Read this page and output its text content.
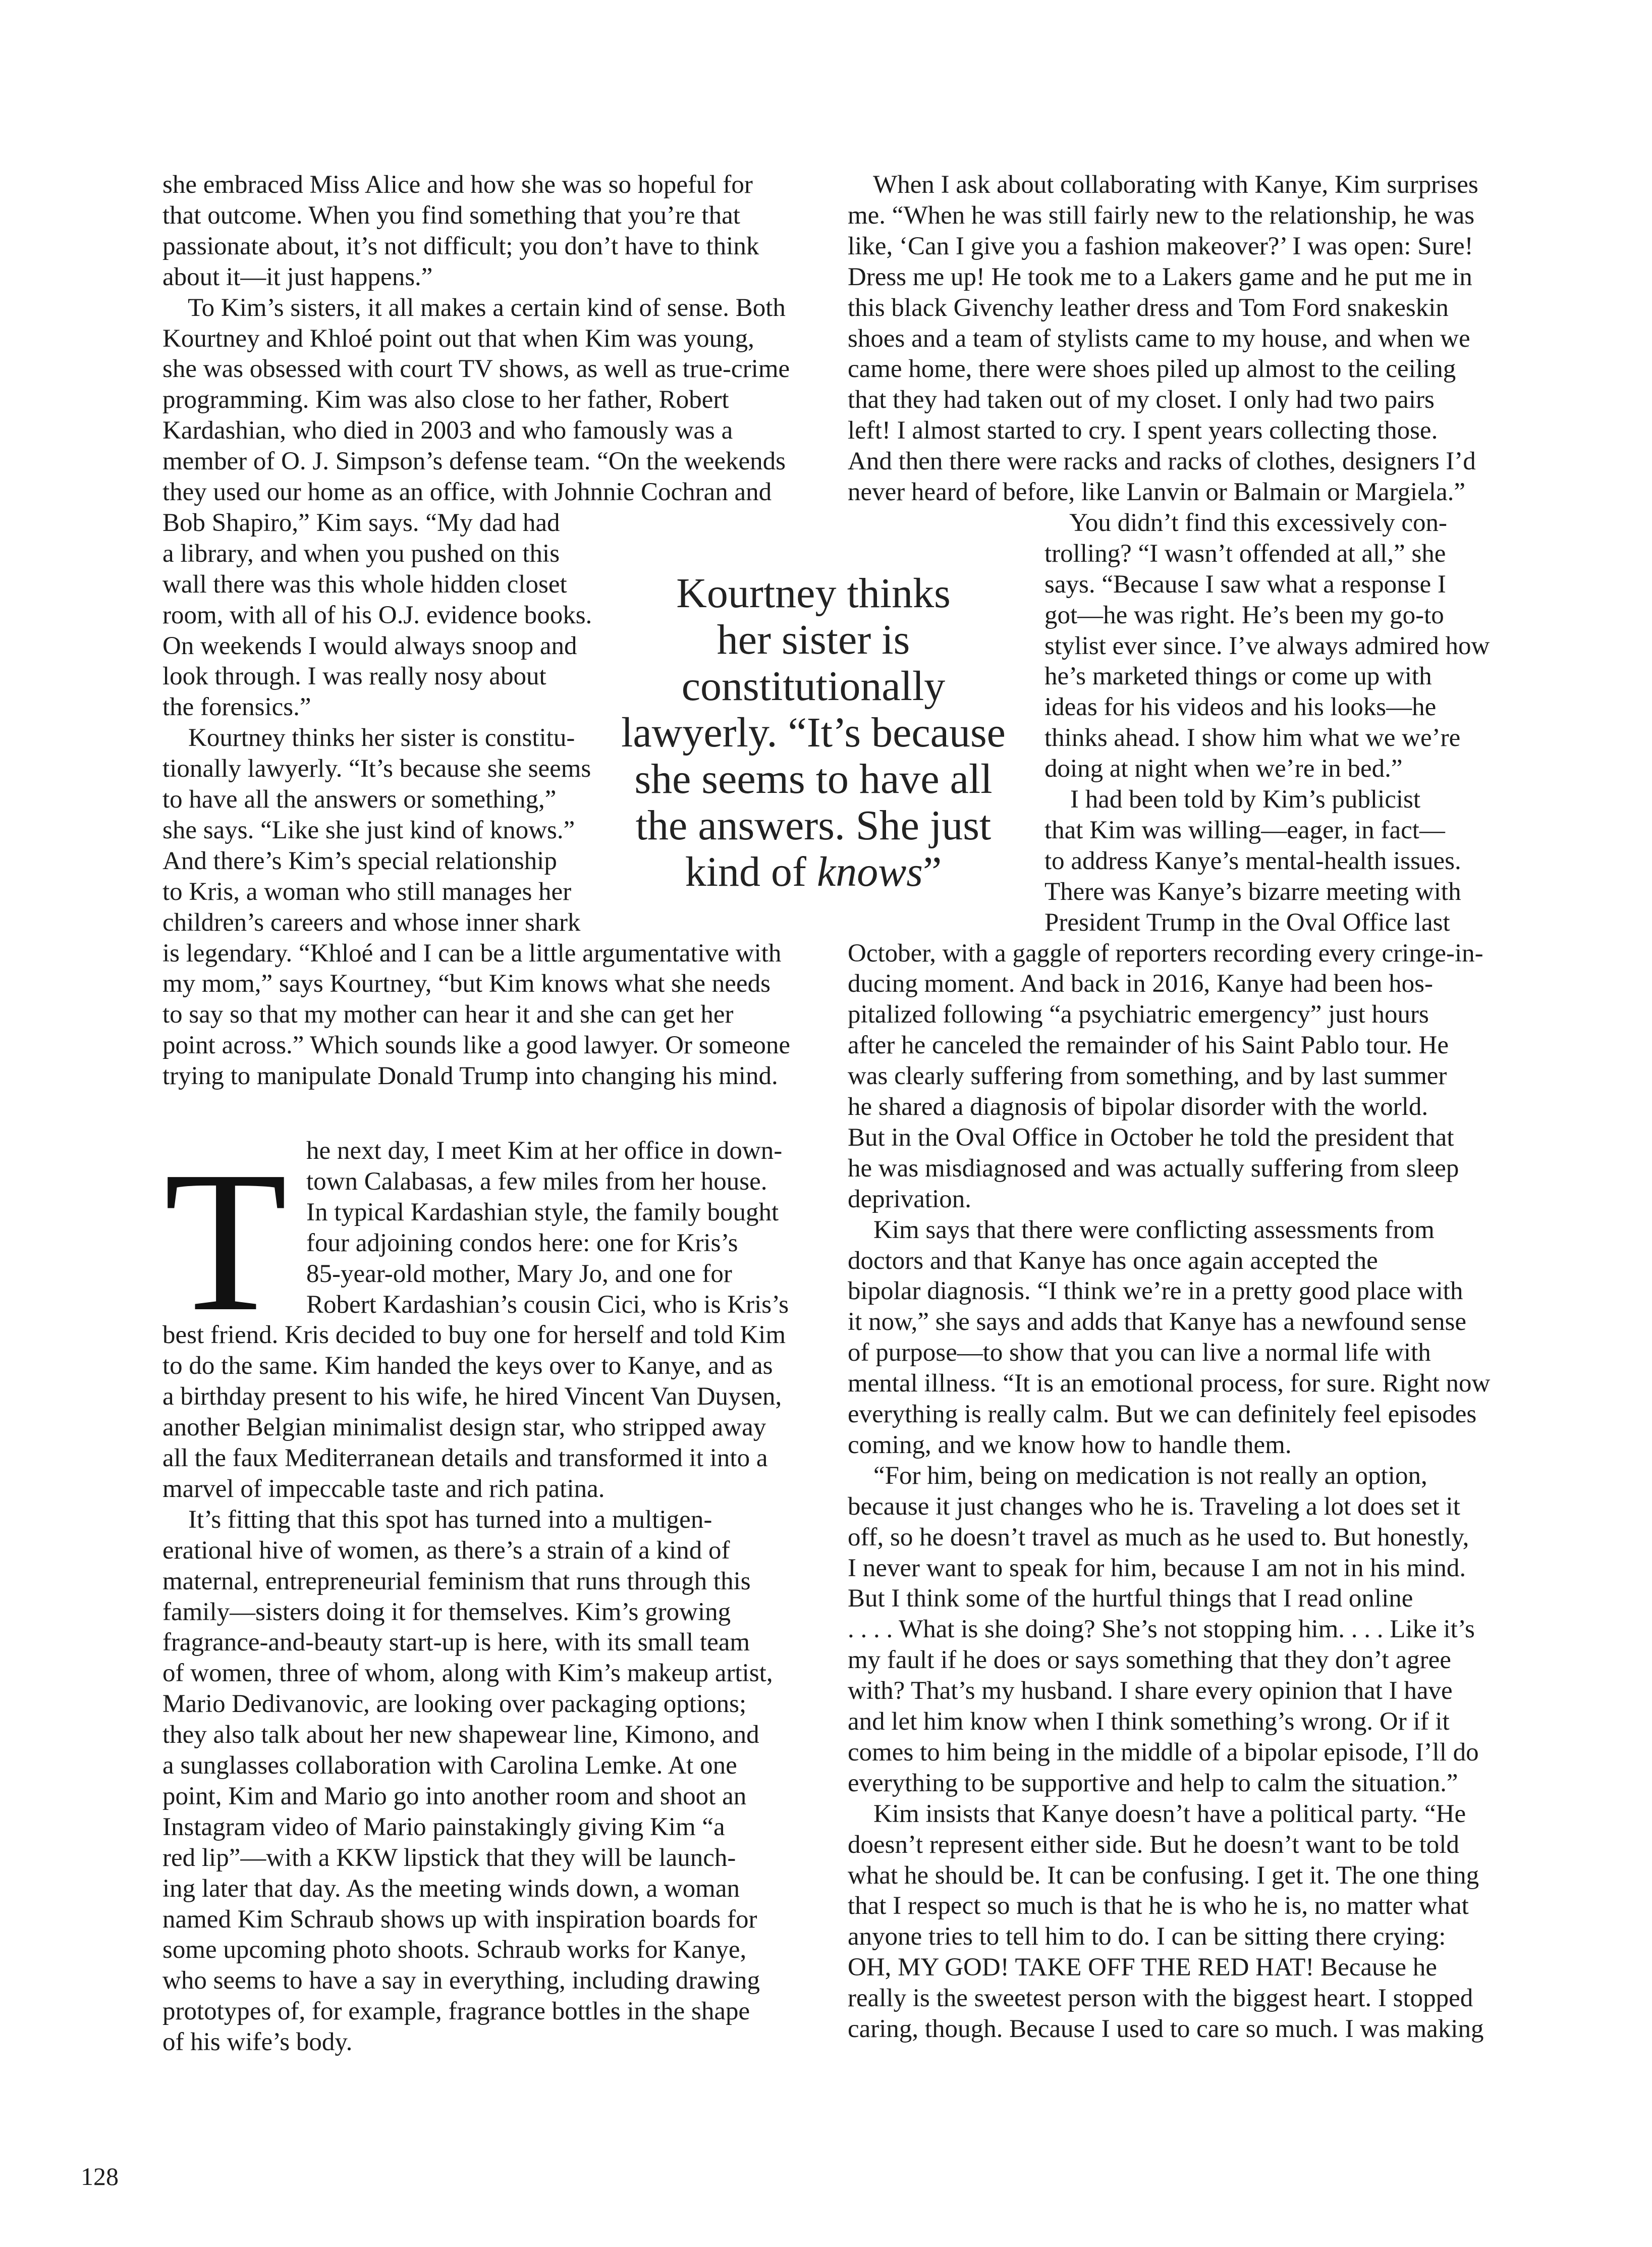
she embraced Miss Alice and how she was so hopeful for
that outcome. When you find something that you’re that
passionate about, it’s not difficult; you don’t have to think
about it—it just happens.”
To Kim’s sisters, it all makes a certain kind of sense. Both
Kourtney and Khloé point out that when Kim was young,
she was obsessed with court TV shows, as well as true-crime
programming. Kim was also close to her father, Robert
Kardashian, who died in 2003 and who famously was a
member of O. J. Simpson’s defense team. “On the weekends
they used our home as an office, with Johnnie Cochran and
Bob Shapiro,” Kim says. “My dad had
a library, and when you pushed on this
wall there was this whole hidden closet
room, with all of his O.J. evidence books.
On weekends I would always snoop and
look through. I was really nosy about
the forensics.”
Kourtney thinks her sister is constitu-
tionally lawyerly. “It’s because she seems
to have all the answers or something,”
she says. “Like she just kind of knows.”
And there’s Kim’s special relationship
to Kris, a woman who still manages her
children’s careers and whose inner shark
is legendary. “Khloé and I can be a little argumentative with
my mom,” says Kourtney, “but Kim knows what she needs
to say so that my mother can hear it and she can get her
point across.” Which sounds like a good lawyer. Or someone
trying to manipulate Donald Trump into changing his mind.
he next day, I meet Kim at her office in down-
town Calabasas, a few miles from her house.
In typical Kardashian style, the family bought
four adjoining condos here: one for Kris’s
85-year-old mother, Mary Jo, and one for
Robert Kardashian’s cousin Cici, who is Kris’s
best friend. Kris decided to buy one for herself and told Kim
to do the same. Kim handed the keys over to Kanye, and as
a birthday present to his wife, he hired Vincent Van Duysen,
another Belgian minimalist design star, who stripped away
all the faux Mediterranean details and transformed it into a
marvel of impeccable taste and rich patina.
It’s fitting that this spot has turned into a multigen-
erational hive of women, as there’s a strain of a kind of
maternal, entrepreneurial feminism that runs through this
family—sisters doing it for themselves. Kim’s growing
fragrance-and-beauty start-up is here, with its small team
of women, three of whom, along with Kim’s makeup artist,
Mario Dedivanovic, are looking over packaging options;
they also talk about her new shapewear line, Kimono, and
a sunglasses collaboration with Carolina Lemke. At one
point, Kim and Mario go into another room and shoot an
Instagram video of Mario painstakingly giving Kim “a
red lip”—with a KKW lipstick that they will be launch-
ing later that day. As the meeting winds down, a woman
named Kim Schraub shows up with inspiration boards for
some upcoming photo shoots. Schraub works for Kanye,
who seems to have a say in everything, including drawing
prototypes of, for example, fragrance bottles in the shape
of his wife’s body.
When I ask about collaborating with Kanye, Kim surprises
me. “When he was still fairly new to the relationship, he was
like, ‘Can I give you a fashion makeover?’ I was open: Sure!
Dress me up! He took me to a Lakers game and he put me in
this black Givenchy leather dress and Tom Ford snakeskin
shoes and a team of stylists came to my house, and when we
came home, there were shoes piled up almost to the ceiling
that they had taken out of my closet. I only had two pairs
left! I almost started to cry. I spent years collecting those.
And then there were racks and racks of clothes, designers I’d
never heard of before, like Lanvin or Balmain or Margiela.”
You didn’t find this excessively con-
trolling? “I wasn’t offended at all,” she
says. “Because I saw what a response I
got—he was right. He’s been my go-to
stylist ever since. I’ve always admired how
he’s marketed things or come up with
ideas for his videos and his looks—he
thinks ahead. I show him what we we’re
doing at night when we’re in bed.”
I had been told by Kim’s publicist
that Kim was willing—eager, in fact—
to address Kanye’s mental-health issues.
There was Kanye’s bizarre meeting with
President Trump in the Oval Office last
October, with a gaggle of reporters recording every cringe-in-
ducing moment. And back in 2016, Kanye had been hos-
pitalized following “a psychiatric emergency” just hours
after he canceled the remainder of his Saint Pablo tour. He
was clearly suffering from something, and by last summer
he shared a diagnosis of bipolar disorder with the world.
But in the Oval Office in October he told the president that
he was misdiagnosed and was actually suffering from sleep
deprivation.
Kim says that there were conflicting assessments from
doctors and that Kanye has once again accepted the
bipolar diagnosis. “I think we’re in a pretty good place with
it now,” she says and adds that Kanye has a newfound sense
of purpose—to show that you can live a normal life with
mental illness. “It is an emotional process, for sure. Right now
everything is really calm. But we can definitely feel episodes
coming, and we know how to handle them.
“For him, being on medication is not really an option,
because it just changes who he is. Traveling a lot does set it
off, so he doesn’t travel as much as he used to. But honestly,
I never want to speak for him, because I am not in his mind.
But I think some of the hurtful things that I read online
. . . . What is she doing? She’s not stopping him. . . . Like it’s
my fault if he does or says something that they don’t agree
with? That’s my husband. I share every opinion that I have
and let him know when I think something’s wrong. Or if it
comes to him being in the middle of a bipolar episode, I’ll do
everything to be supportive and help to calm the situation.”
Kim insists that Kanye doesn’t have a political party. “He
doesn’t represent either side. But he doesn’t want to be told
what he should be. It can be confusing. I get it. The one thing
that I respect so much is that he is who he is, no matter what
anyone tries to tell him to do. I can be sitting there crying:
OH, MY GOD! TAKE OFF THE RED HAT! Because he
really is the sweetest person with the biggest heart. I stopped
caring, though. Because I used to care so much. I was making
T
Kourtney thinks
her sister is
constitutionally
lawyerly. “It’s because
she seems to have all
the answers. She just
kind of knows”
128
